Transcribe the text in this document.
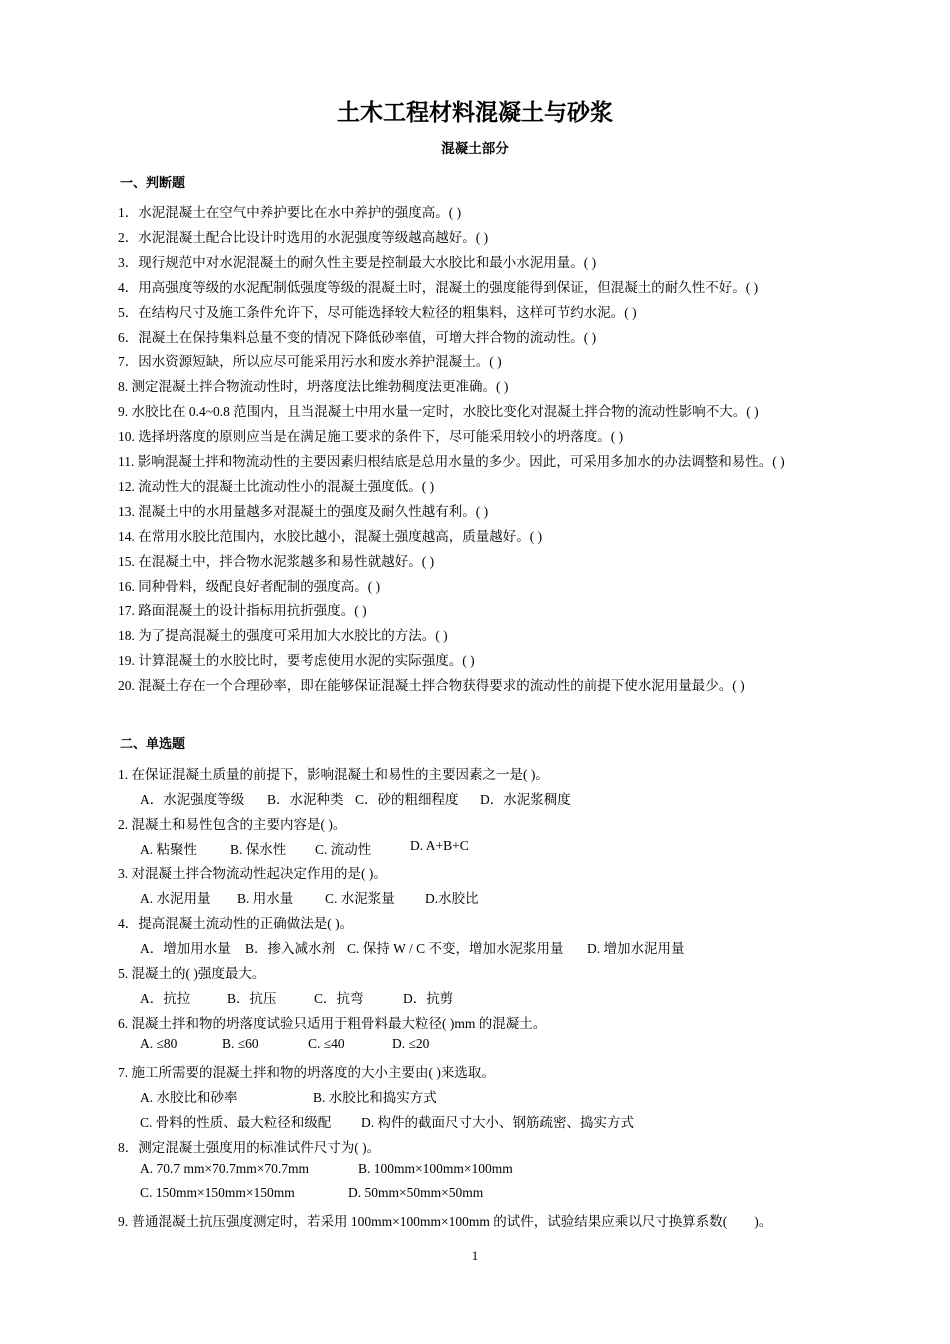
土木工程材料混凝土与砂浆
混凝土部分
一、判断题
1．水泥混凝土在空气中养护要比在水中养护的强度高。( )
2．水泥混凝土配合比设计时选用的水泥强度等级越高越好。( )
3．现行规范中对水泥混凝土的耐久性主要是控制最大水胶比和最小水泥用量。( )
4．用高强度等级的水泥配制低强度等级的混凝土时，混凝土的强度能得到保证，但混凝土的耐久性不好。( )
5．在结构尺寸及施工条件允许下，尽可能选择较大粒径的粗集料，这样可节约水泥。( )
6．混凝土在保持集料总量不变的情况下降低砂率值，可增大拌合物的流动性。( )
7．因水资源短缺，所以应尽可能采用污水和废水养护混凝土。( )
8. 测定混凝土拌合物流动性时，坍落度法比维勃稠度法更准确。( )
9. 水胶比在 0.4~0.8 范围内，且当混凝土中用水量一定时，水胶比变化对混凝土拌合物的流动性影响不大。( )
10. 选择坍落度的原则应当是在满足施工要求的条件下，尽可能采用较小的坍落度。( )
11. 影响混凝土拌和物流动性的主要因素归根结底是总用水量的多少。因此，可采用多加水的办法调整和易性。( )
12. 流动性大的混凝土比流动性小的混凝土强度低。( )
13. 混凝土中的水用量越多对混凝土的强度及耐久性越有利。( )
14. 在常用水胶比范围内，水胶比越小，混凝土强度越高，质量越好。( )
15. 在混凝土中，拌合物水泥浆越多和易性就越好。( )
16. 同种骨料，级配良好者配制的强度高。( )
17. 路面混凝土的设计指标用抗折强度。( )
18. 为了提高混凝土的强度可采用加大水胶比的方法。( )
19. 计算混凝土的水胶比时，要考虑使用水泥的实际强度。( )
20. 混凝土存在一个合理砂率，即在能够保证混凝土拌合物获得要求的流动性的前提下使水泥用量最少。( )
二、单选题
1. 在保证混凝土质量的前提下，影响混凝土和易性的主要因素之一是( )。
A．水泥强度等级 B．水泥种类 C．砂的粗细程度 D．水泥浆稠度
2. 混凝土和易性包含的主要内容是( )。
A. 粘聚性 B. 保水性 C. 流动性	D. A+B+C
3. 对混凝土拌合物流动性起决定作用的是( )。
A. 水泥用量 B. 用水量 C. 水泥浆量 D.水胶比
4．提高混凝土流动性的正确做法是( )。
A．增加用水量 B．掺入减水剂 C. 保持 W / C 不变，增加水泥浆用量 D. 增加水泥用量
5. 混凝土的( )强度最大。
A．抗拉	B．抗压	C．抗弯	D．抗剪
6. 混凝土拌和物的坍落度试验只适用于粗骨料最大粒径( )mm 的混凝土。
A. ≤80	B. ≤60	C. ≤40	D. ≤20
7. 施工所需要的混凝土拌和物的坍落度的大小主要由( )来选取。
A. 水胶比和砂率	B. 水胶比和捣实方式
C. 骨料的性质、最大粒径和级配 D. 构件的截面尺寸大小、钢筋疏密、捣实方式
8．测定混凝土强度用的标准试件尺寸为( )。
A. 70.7 mm×70.7mm×70.7mm	B. 100mm×100mm×100mm
C. 150mm×150mm×150mm	D. 50mm×50mm×50mm
9. 普通混凝土抗压强度测定时，若采用 100mm×100mm×100mm 的试件，试验结果应乘以尺寸换算系数(　　)。
1
